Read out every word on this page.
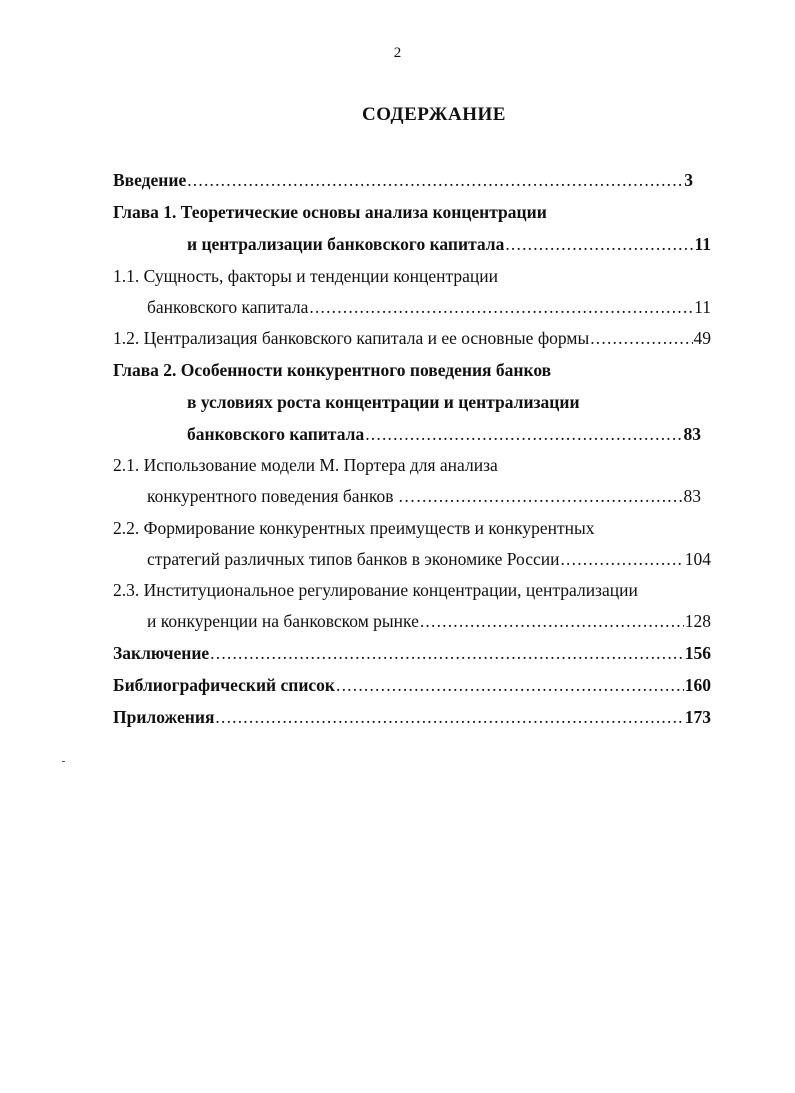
2
СОДЕРЖАНИЕ
Введение .....	3
Глава 1. Теоретические основы анализа концентрации
и централизации банковского капитала .....	11
1.1. Сущность, факторы и тенденции концентрации
банковского капитала .....	11
1.2. Централизация банковского капитала и ее основные формы .....	49
Глава 2. Особенности конкурентного поведения банков
в условиях роста концентрации и централизации
банковского капитала .....	83
2.1. Использование модели М. Портера для анализа
конкурентного поведения банков … .....	83
2.2. Формирование конкурентных преимуществ и конкурентных
стратегий различных типов банков в экономике России .....	104
2.3. Институциональное регулирование концентрации, централизации
и конкуренции на банковском рынке .....	128
Заключение .....	156
Библиографический список .....	160
Приложения .....	173
